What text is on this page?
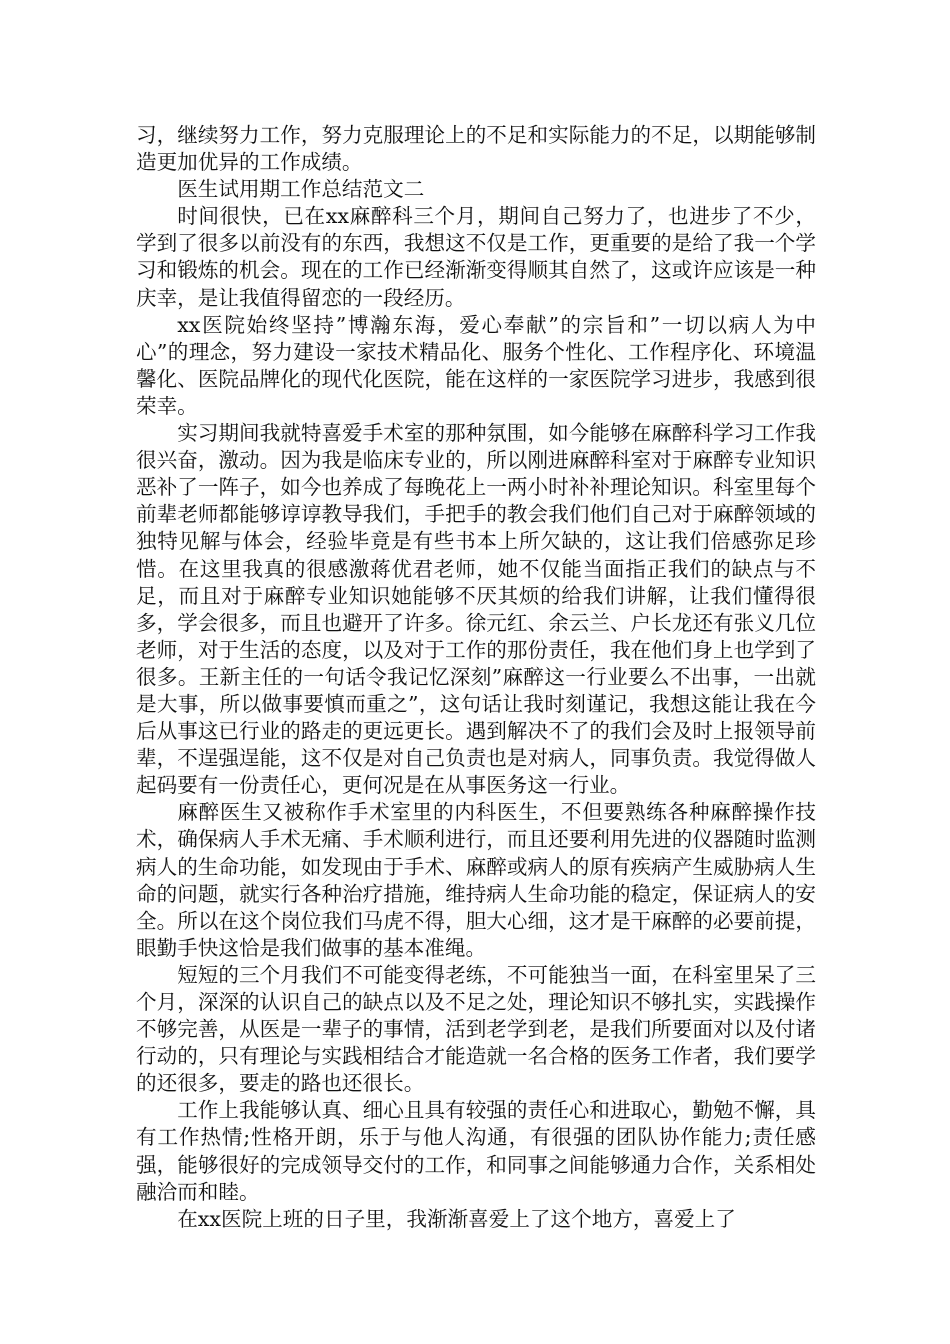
习，继续努力工作，努力克服理论上的不足和实际能力的不足，以期能够制造更加优异的工作成绩。

医生试用期工作总结范文二

时间很快，已在xx麻醉科三个月，期间自己努力了，也进步了不少，学到了很多以前没有的东西，我想这不仅是工作，更重要的是给了我一个学习和锻炼的机会。现在的工作已经渐渐变得顺其自然了，这或许应该是一种庆幸，是让我值得留恋的一段经历。

xx医院始终坚持”博瀚东海，爱心奉献”的宗旨和”一切以病人为中心”的理念，努力建设一家技术精品化、服务个性化、工作程序化、环境温馨化、医院品牌化的现代化医院，能在这样的一家医院学习进步，我感到很荣幸。

实习期间我就特喜爱手术室的那种氛围，如今能够在麻醉科学习工作我很兴奋，激动。因为我是临床专业的，所以刚进麻醉科室对于麻醉专业知识恶补了一阵子，如今也养成了每晚花上一两小时补补理论知识。科室里每个前辈老师都能够谆谆教导我们，手把手的教会我们他们自己对于麻醉领域的独特见解与体会，经验毕竟是有些书本上所欠缺的，这让我们倍感弥足珍惜。在这里我真的很感激蒋优君老师，她不仅能当面指正我们的缺点与不足，而且对于麻醉专业知识她能够不厌其烦的给我们讲解，让我们懂得很多，学会很多，而且也避开了许多。徐元红、余云兰、户长龙还有张义几位老师，对于生活的态度，以及对于工作的那份责任，我在他们身上也学到了很多。王新主任的一句话令我记忆深刻”麻醉这一行业要么不出事，一出就是大事，所以做事要慎而重之”，这句话让我时刻谨记，我想这能让我在今后从事这已行业的路走的更远更长。遇到解决不了的我们会及时上报领导前辈，不逞强逞能，这不仅是对自己负责也是对病人，同事负责。我觉得做人起码要有一份责任心，更何况是在从事医务这一行业。

麻醉医生又被称作手术室里的内科医生，不但要熟练各种麻醉操作技术，确保病人手术无痛、手术顺利进行，而且还要利用先进的仪器随时监测病人的生命功能，如发现由于手术、麻醉或病人的原有疾病产生威胁病人生命的问题，就实行各种治疗措施，维持病人生命功能的稳定，保证病人的安全。所以在这个岗位我们马虎不得，胆大心细，这才是干麻醉的必要前提，眼勤手快这恰是我们做事的基本准绳。

短短的三个月我们不可能变得老练，不可能独当一面，在科室里呆了三个月，深深的认识自己的缺点以及不足之处，理论知识不够扎实，实践操作不够完善，从医是一辈子的事情，活到老学到老，是我们所要面对以及付诸行动的，只有理论与实践相结合才能造就一名合格的医务工作者，我们要学的还很多，要走的路也还很长。

工作上我能够认真、细心且具有较强的责任心和进取心，勤勉不懈，具有工作热情;性格开朗，乐于与他人沟通，有很强的团队协作能力;责任感强，能够很好的完成领导交付的工作，和同事之间能够通力合作，关系相处融洽而和睦。

在xx医院上班的日子里，我渐渐喜爱上了这个地方，喜爱上了
